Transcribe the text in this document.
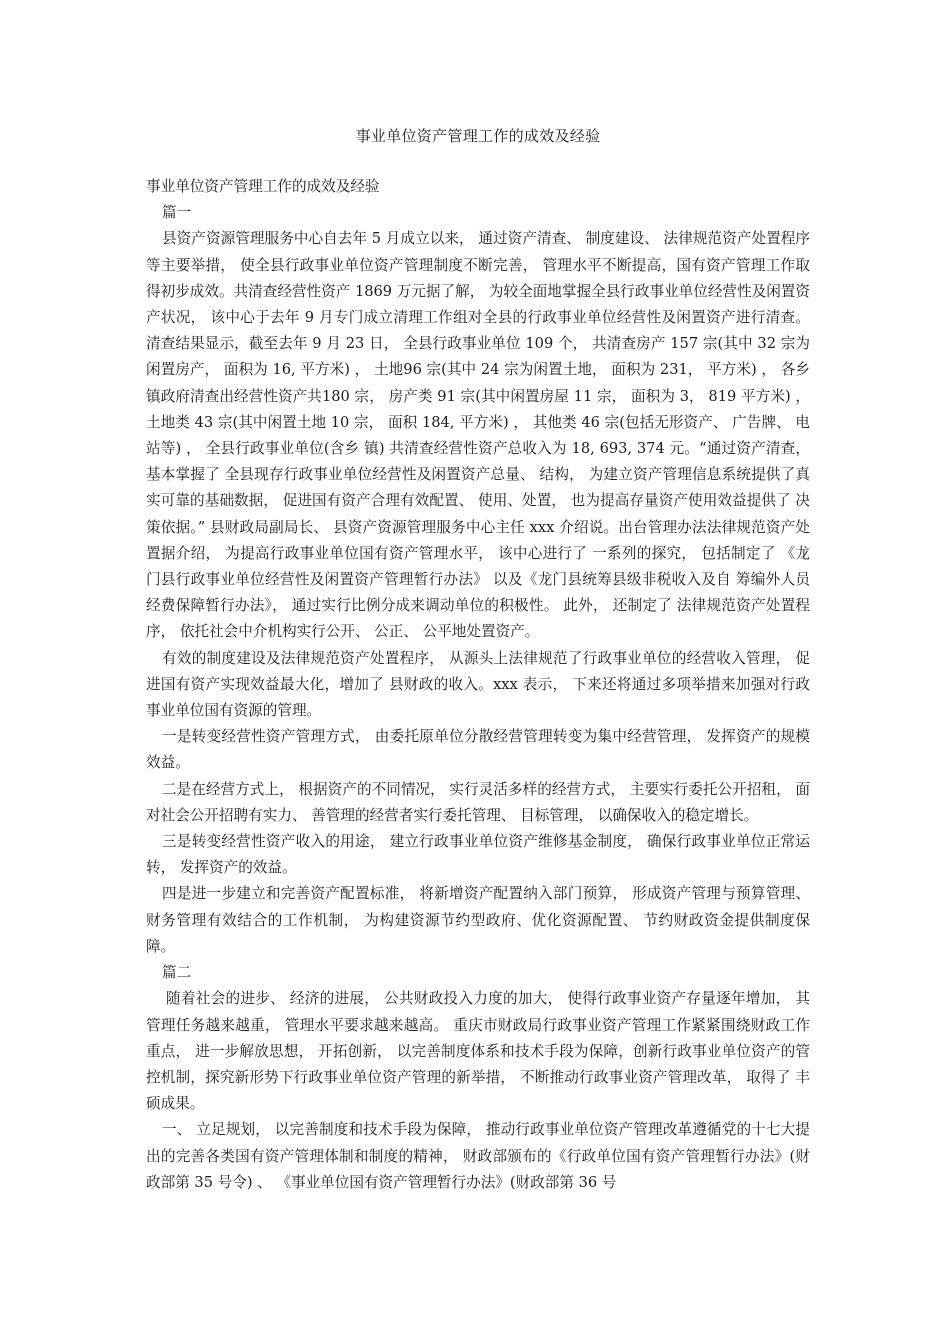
事业单位资产管理工作的成效及经验

事业单位资产管理工作的成效及经验

篇一

县资产资源管理服务中心自去年 5 月成立以来， 通过资产清查、 制度建设、 法律规范资产处置程序等主要举措， 使全县行政事业单位资产管理制度不断完善， 管理水平不断提高，国有资产管理工作取得初步成效。共清查经营性资产 1869 万元据了解， 为较全面地掌握全县行政事业单位经营性及闲置资产状况， 该中心于去年 9 月专门成立清理工作组对全县的行政事业单位经营性及闲置资产进行清查。 清查结果显示，截至去年 9 月 23 日， 全县行政事业单位 109 个， 共清查房产 157 宗(其中 32 宗为闲置房产， 面积为 16, 平方米) ， 土地96 宗(其中 24 宗为闲置土地， 面积为 231， 平方米) ， 各乡镇政府清查出经营性资产共180 宗， 房产类 91 宗(其中闲置房屋 11 宗， 面积为 3， 819 平方米) ， 土地类 43 宗(其中闲置土地 10 宗， 面积 184, 平方米) ， 其他类 46 宗(包括无形资产、 广告牌、 电站等) ， 全县行政事业单位(含乡 镇) 共清查经营性资产总收入为 18, 693, 374 元。“通过资产清查， 基本掌握了 全县现存行政事业单位经营性及闲置资产总量、 结构， 为建立资产管理信息系统提供了真实可靠的基础数据， 促进国有资产合理有效配置、 使用、处置， 也为提高存量资产使用效益提供了 决策依据。” 县财政局副局长、 县资产资源管理服务中心主任 xxx 介绍说。出台管理办法法律规范资产处置据介绍， 为提高行政事业单位国有资产管理水平， 该中心进行了 一系列的探究， 包括制定了 《龙门县行政事业单位经营性及闲置资产管理暂行办法》 以及《龙门县统筹县级非税收入及自 筹编外人员经费保障暂行办法》， 通过实行比例分成来调动单位的积极性。 此外， 还制定了 法律规范资产处置程序， 依托社会中介机构实行公开、 公正、 公平地处置资产。

有效的制度建设及法律规范资产处置程序， 从源头上法律规范了行政事业单位的经营收入管理， 促进国有资产实现效益最大化，增加了 县财政的收入。xxx 表示， 下来还将通过多项举措来加强对行政事业单位国有资源的管理。

一是转变经营性资产管理方式， 由委托原单位分散经营管理转变为集中经营管理， 发挥资产的规模效益。

二是在经营方式上， 根据资产的不同情况， 实行灵活多样的经营方式， 主要实行委托公开招租， 面对社会公开招聘有实力、 善管理的经营者实行委托管理、 目标管理， 以确保收入的稳定增长。

三是转变经营性资产收入的用途， 建立行政事业单位资产维修基金制度， 确保行政事业单位正常运转， 发挥资产的效益。

四是进一步建立和完善资产配置标准， 将新增资产配置纳入部门预算， 形成资产管理与预算管理、 财务管理有效结合的工作机制， 为构建资源节约型政府、优化资源配置、 节约财政资金提供制度保障。

篇二

随着社会的进步、 经济的进展， 公共财政投入力度的加大， 使得行政事业资产存量逐年增加， 其管理任务越来越重， 管理水平要求越来越高。 重庆市财政局行政事业资产管理工作紧紧围绕财政工作重点， 进一步解放思想， 开拓创新， 以完善制度体系和技术手段为保障，创新行政事业单位资产的管控机制，探究新形势下行政事业单位资产管理的新举措， 不断推动行政事业资产管理改革， 取得了 丰硕成果。

一、 立足规划， 以完善制度和技术手段为保障， 推动行政事业单位资产管理改革遵循党的十七大提出的完善各类国有资产管理体制和制度的精神， 财政部颁布的《行政单位国有资产管理暂行办法》(财政部第 35 号令) 、 《事业单位国有资产管理暂行办法》(财政部第 36 号
